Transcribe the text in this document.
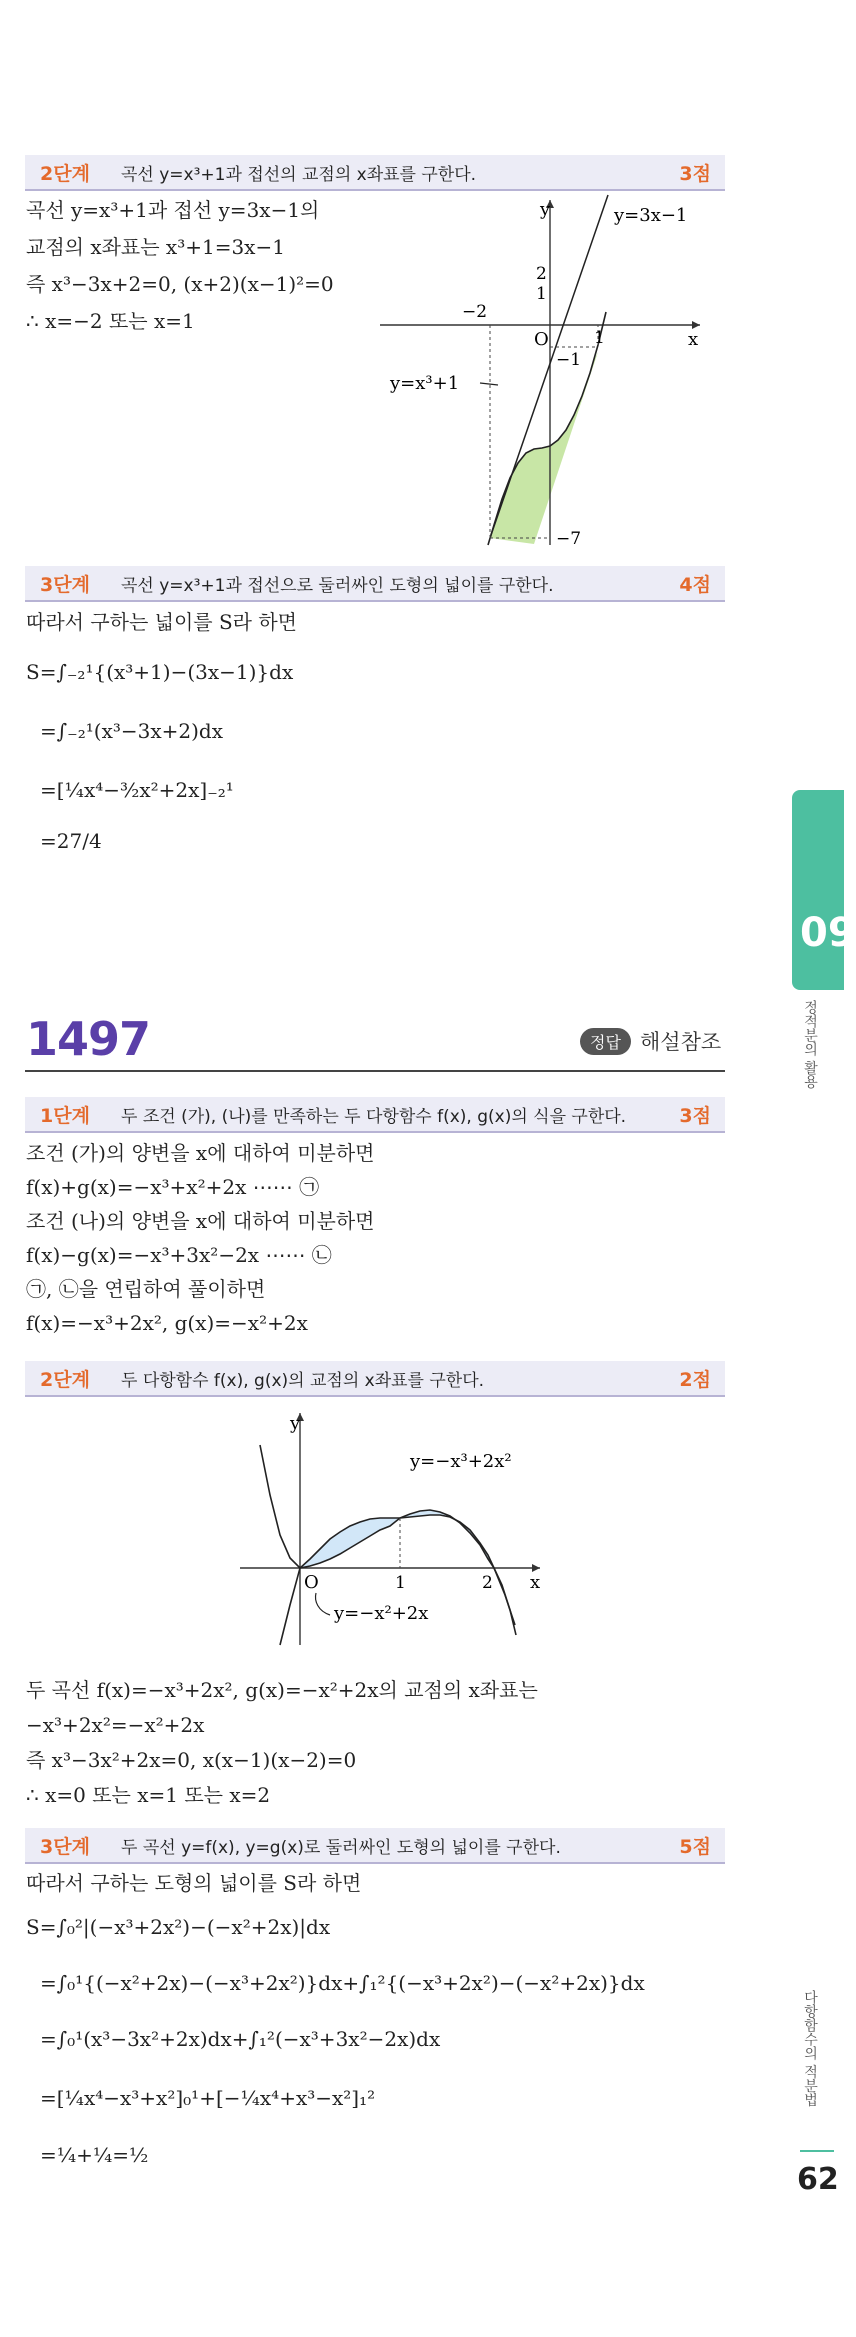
2단계	곡선 y=x³+1과 접선의 교점의 x좌표를 구한다.	3점
곡선 y=x³+1과 접선 y=3x−1의
교점의 x좌표는 x³+1=3x−1
즉 x³−3x+2=0, (x+2)(x−1)²=0
∴ x=−2 또는 x=1
y
x
O
y=3x−1
y=x³+1
2
1
−1
−7
−2
1
3단계	곡선 y=x³+1과 접선으로 둘러싸인 도형의 넓이를 구한다.	4점
따라서 구하는 넓이를 S라 하면
S=∫₋₂¹{(x³+1)−(3x−1)}dx
=∫₋₂¹(x³−3x+2)dx
=[¼x⁴−³⁄₂x²+2x]₋₂¹
=27/4
09
정적분의 활용
다항함수의 적분법
62
1497	정답 해설참조
1단계	두 조건 (가), (나)를 만족하는 두 다항함수 f(x), g(x)의 식을 구한다.	3점
조건 (가)의 양변을 x에 대하여 미분하면
f(x)+g(x)=−x³+x²+2x ⋯⋯ ㉠
조건 (나)의 양변을 x에 대하여 미분하면
f(x)−g(x)=−x³+3x²−2x ⋯⋯ ㉡
㉠, ㉡을 연립하여 풀이하면
f(x)=−x³+2x², g(x)=−x²+2x
2단계	두 다항함수 f(x), g(x)의 교점의 x좌표를 구한다.	2점
y
x
O	1	2
y=−x³+2x²
y=−x²+2x
두 곡선 f(x)=−x³+2x², g(x)=−x²+2x의 교점의 x좌표는
−x³+2x²=−x²+2x
즉 x³−3x²+2x=0, x(x−1)(x−2)=0
∴ x=0 또는 x=1 또는 x=2
3단계	두 곡선 y=f(x), y=g(x)로 둘러싸인 도형의 넓이를 구한다.	5점
따라서 구하는 도형의 넓이를 S라 하면
S=∫₀²|(−x³+2x²)−(−x²+2x)|dx
=∫₀¹{(−x²+2x)−(−x³+2x²)}dx+∫₁²{(−x³+2x²)−(−x²+2x)}dx
=∫₀¹(x³−3x²+2x)dx+∫₁²(−x³+3x²−2x)dx
=[¼x⁴−x³+x²]₀¹+[−¼x⁴+x³−x²]₁²
=¼+¼=½
